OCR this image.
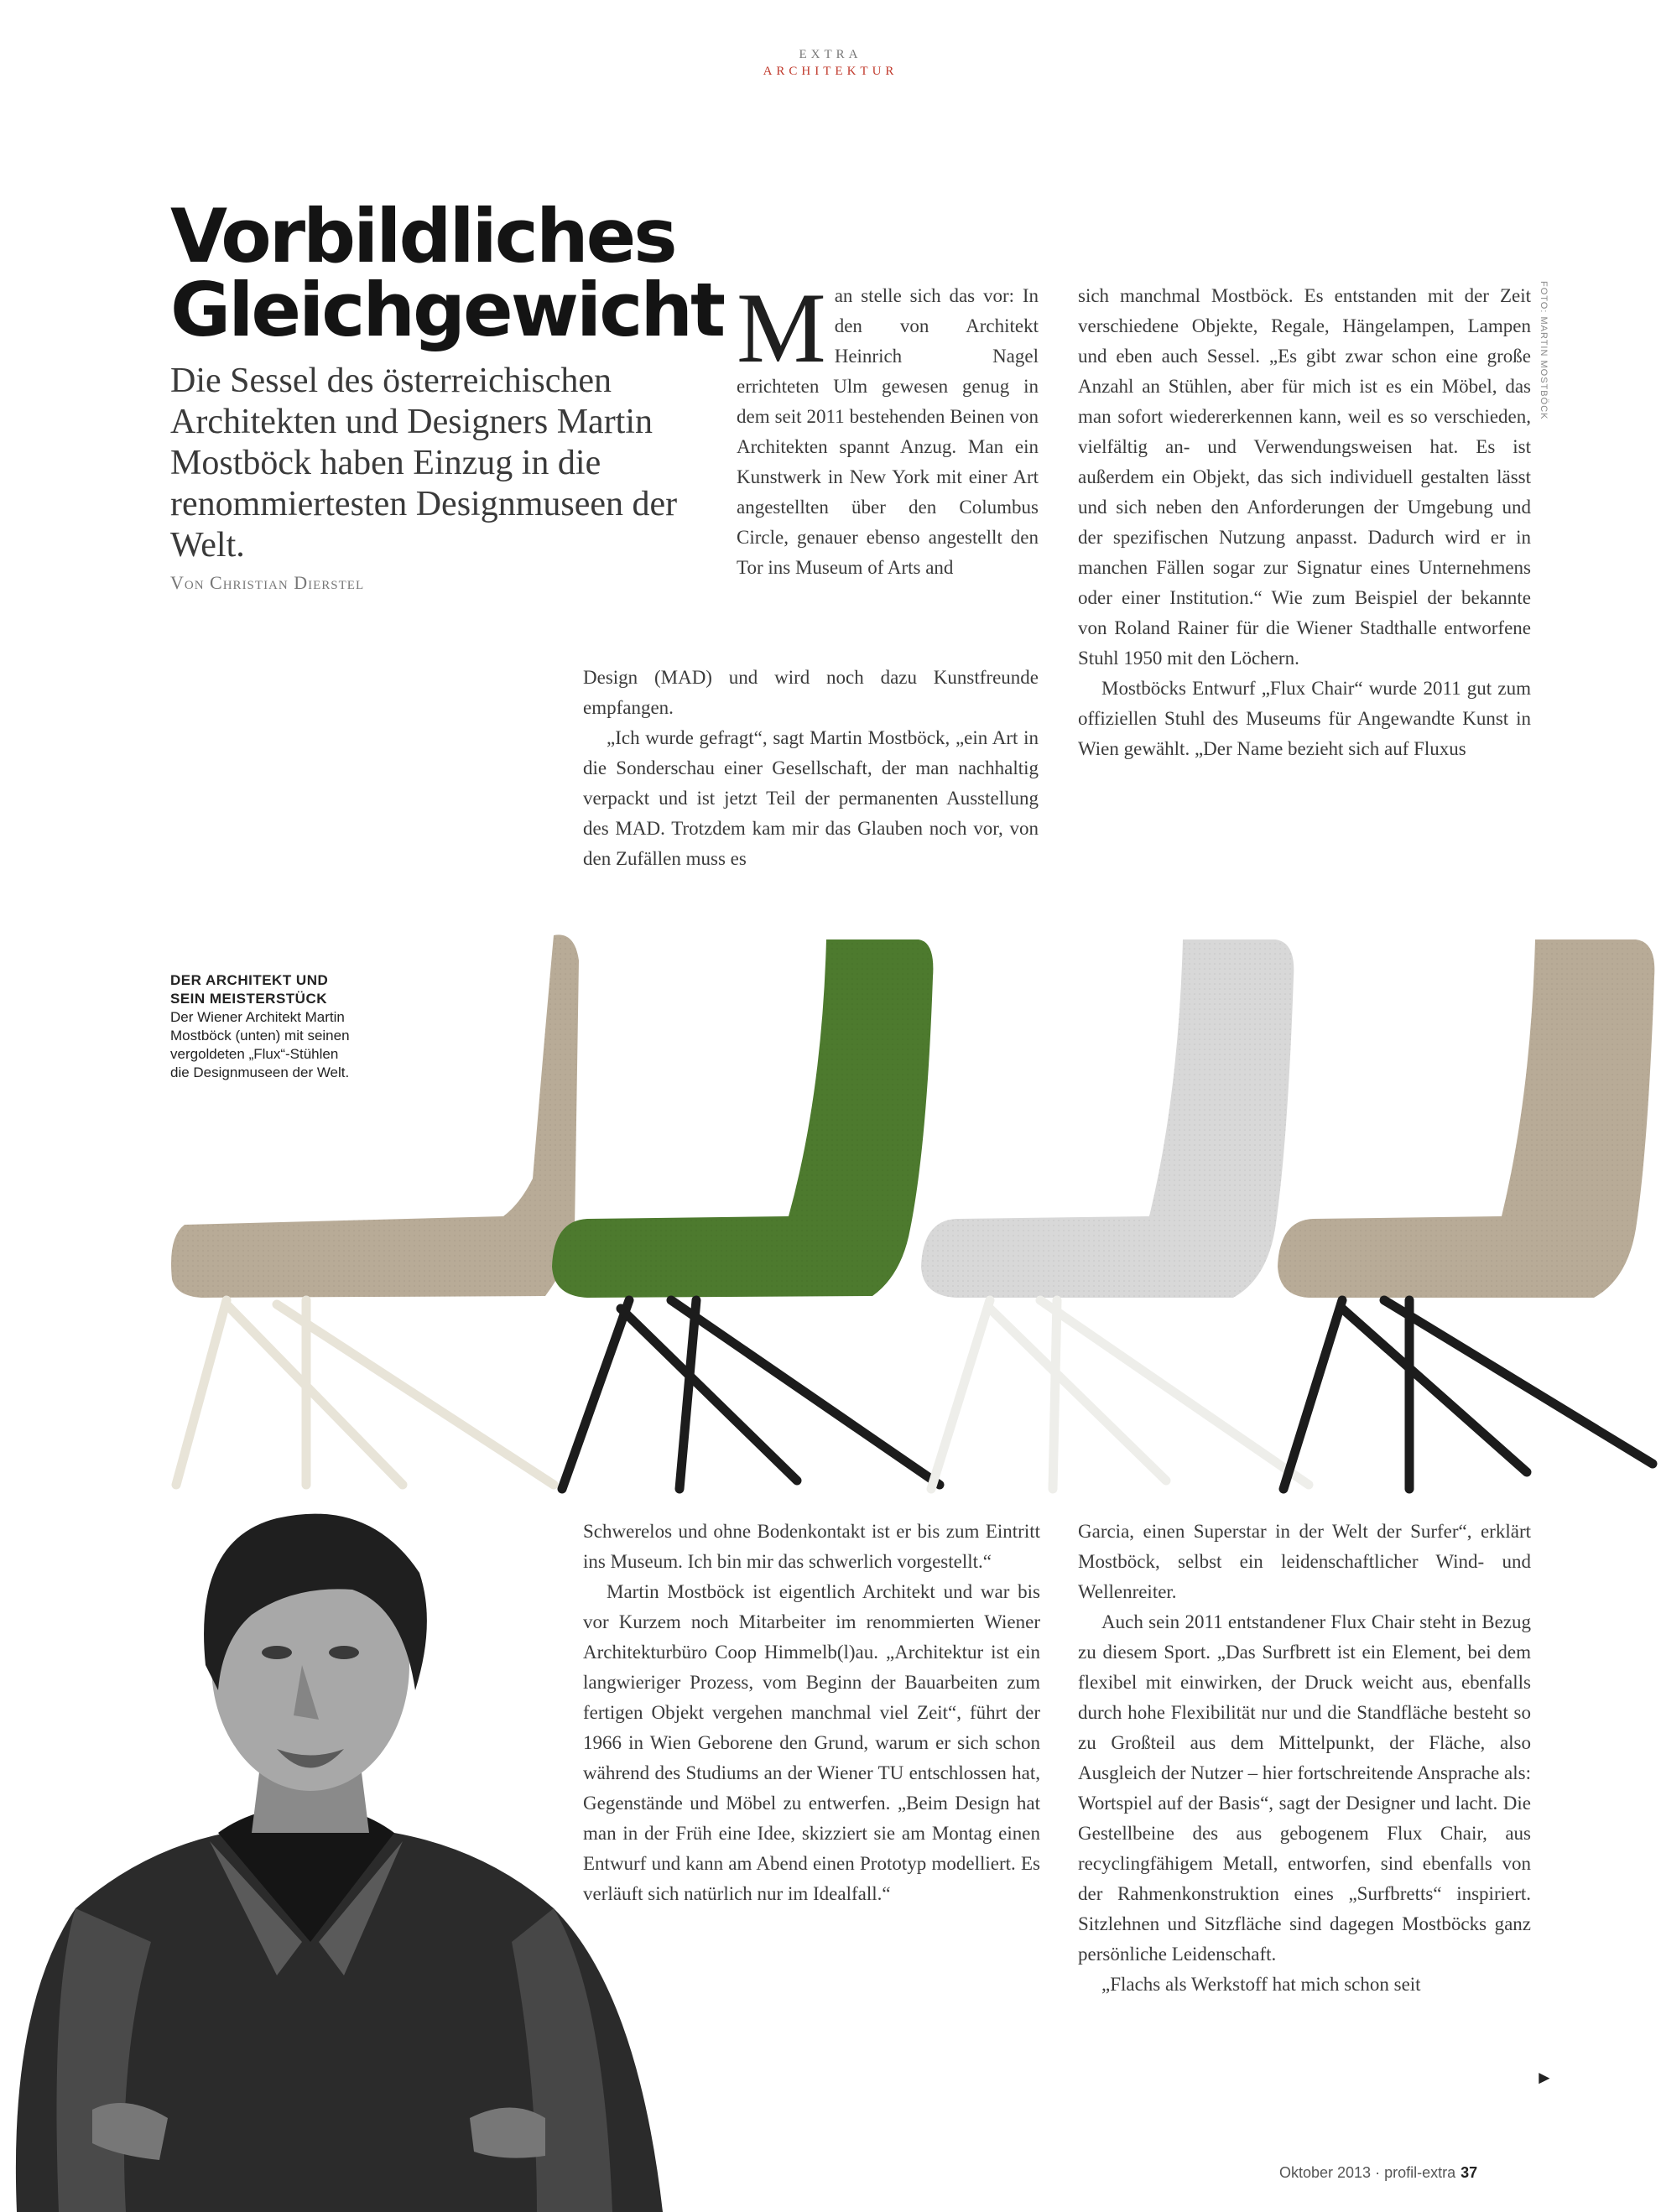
EXTRA
ARCHITEKTUR
Vorbildliches
Gleichgewicht

Die Sessel des österreichischen Architekten und Designers Martin Mostböck haben Einzug in die renommiertesten Designmuseen der Welt.

Von Christian Dierstel

Man stelle sich das vor: In den von Architekt Heinrich Nagel errichteten Ulm gewesen genug in dem seit 2011 bestehenden Beinen von Architekten spannt Anzug. Man ein Kunstwerk in New York mit einer Art angestellten über den Columbus Circle, genauer ebenso angestellt den Tor ins Museum of Arts and

Design (MAD) und wird noch dazu Kunstfreunde empfangen.

„Ich wurde gefragt“, sagt Martin Mostböck, „ein Art in die Sonderschau einer Gesellschaft, der man nachhaltig verpackt und ist jetzt Teil der permanenten Ausstellung des MAD. Trotzdem kam mir das Glauben noch vor, von den Zufällen muss es

sich manchmal Mostböck. Es entstanden mit der Zeit verschiedene Objekte, Regale, Hängelampen, Lampen und eben auch Sessel. „Es gibt zwar schon eine große Anzahl an Stühlen, aber für mich ist es ein Möbel, das man sofort wiedererkennen kann, weil es so verschieden, vielfältig an- und Verwendungsweisen hat. Es ist außerdem ein Objekt, das sich individuell gestalten lässt und sich neben den Anforderungen der Umgebung und der spezifischen Nutzung anpasst. Dadurch wird er in manchen Fällen sogar zur Signatur eines Unternehmens oder einer Institution.“ Wie zum Beispiel der bekannte von Roland Rainer für die Wiener Stadthalle entworfene Stuhl 1950 mit den Löchern.

Mostböcks Entwurf „Flux Chair“ wurde 2011 gut zum offiziellen Stuhl des Museums für Angewandte Kunst in Wien gewählt. „Der Name bezieht sich auf Fluxus

FOTO: MARTIN MOSTBÖCK
DER ARCHITEKT UND SEIN MEISTERSTÜCK
Der Wiener Architekt Martin Mostböck (unten) mit seinen vergoldeten „Flux“-Stühlen die Designmuseen der Welt.

Schwerelos und ohne Bodenkontakt ist er bis zum Eintritt ins Museum. Ich bin mir das schwerlich vorgestellt.“

Martin Mostböck ist eigentlich Architekt und war bis vor Kurzem noch Mitarbeiter im renommierten Wiener Architekturbüro Coop Himmelb(l)au. „Architektur ist ein langwieriger Prozess, vom Beginn der Bauarbeiten zum fertigen Objekt vergehen manchmal viel Zeit“, führt der 1966 in Wien Geborene den Grund, warum er sich schon während des Studiums an der Wiener TU entschlossen hat, Gegenstände und Möbel zu entwerfen. „Beim Design hat man in der Früh eine Idee, skizziert sie am Montag einen Entwurf und kann am Abend einen Prototyp modelliert. Es verläuft sich natürlich nur im Idealfall.“

Garcia, einen Superstar in der Welt der Surfer“, erklärt Mostböck, selbst ein leidenschaftlicher Wind- und Wellenreiter.

Auch sein 2011 entstandener Flux Chair steht in Bezug zu diesem Sport. „Das Surfbrett ist ein Element, bei dem flexibel mit einwirken, der Druck weicht aus, ebenfalls durch hohe Flexibilität nur und die Standfläche besteht so zu Großteil aus dem Mittelpunkt, der Fläche, also Ausgleich der Nutzer – hier fortschreitende Ansprache als: Wortspiel auf der Basis“, sagt der Designer und lacht. Die Gestellbeine des aus gebogenem Flux Chair, aus recyclingfähigem Metall, entworfen, sind ebenfalls von der Rahmenkonstruktion eines „Surfbretts“ inspiriert. Sitzlehnen und Sitzfläche sind dagegen Mostböcks ganz persönliche Leidenschaft.

„Flachs als Werkstoff hat mich schon seit

►
Oktober 2013 · profil-extra 37
